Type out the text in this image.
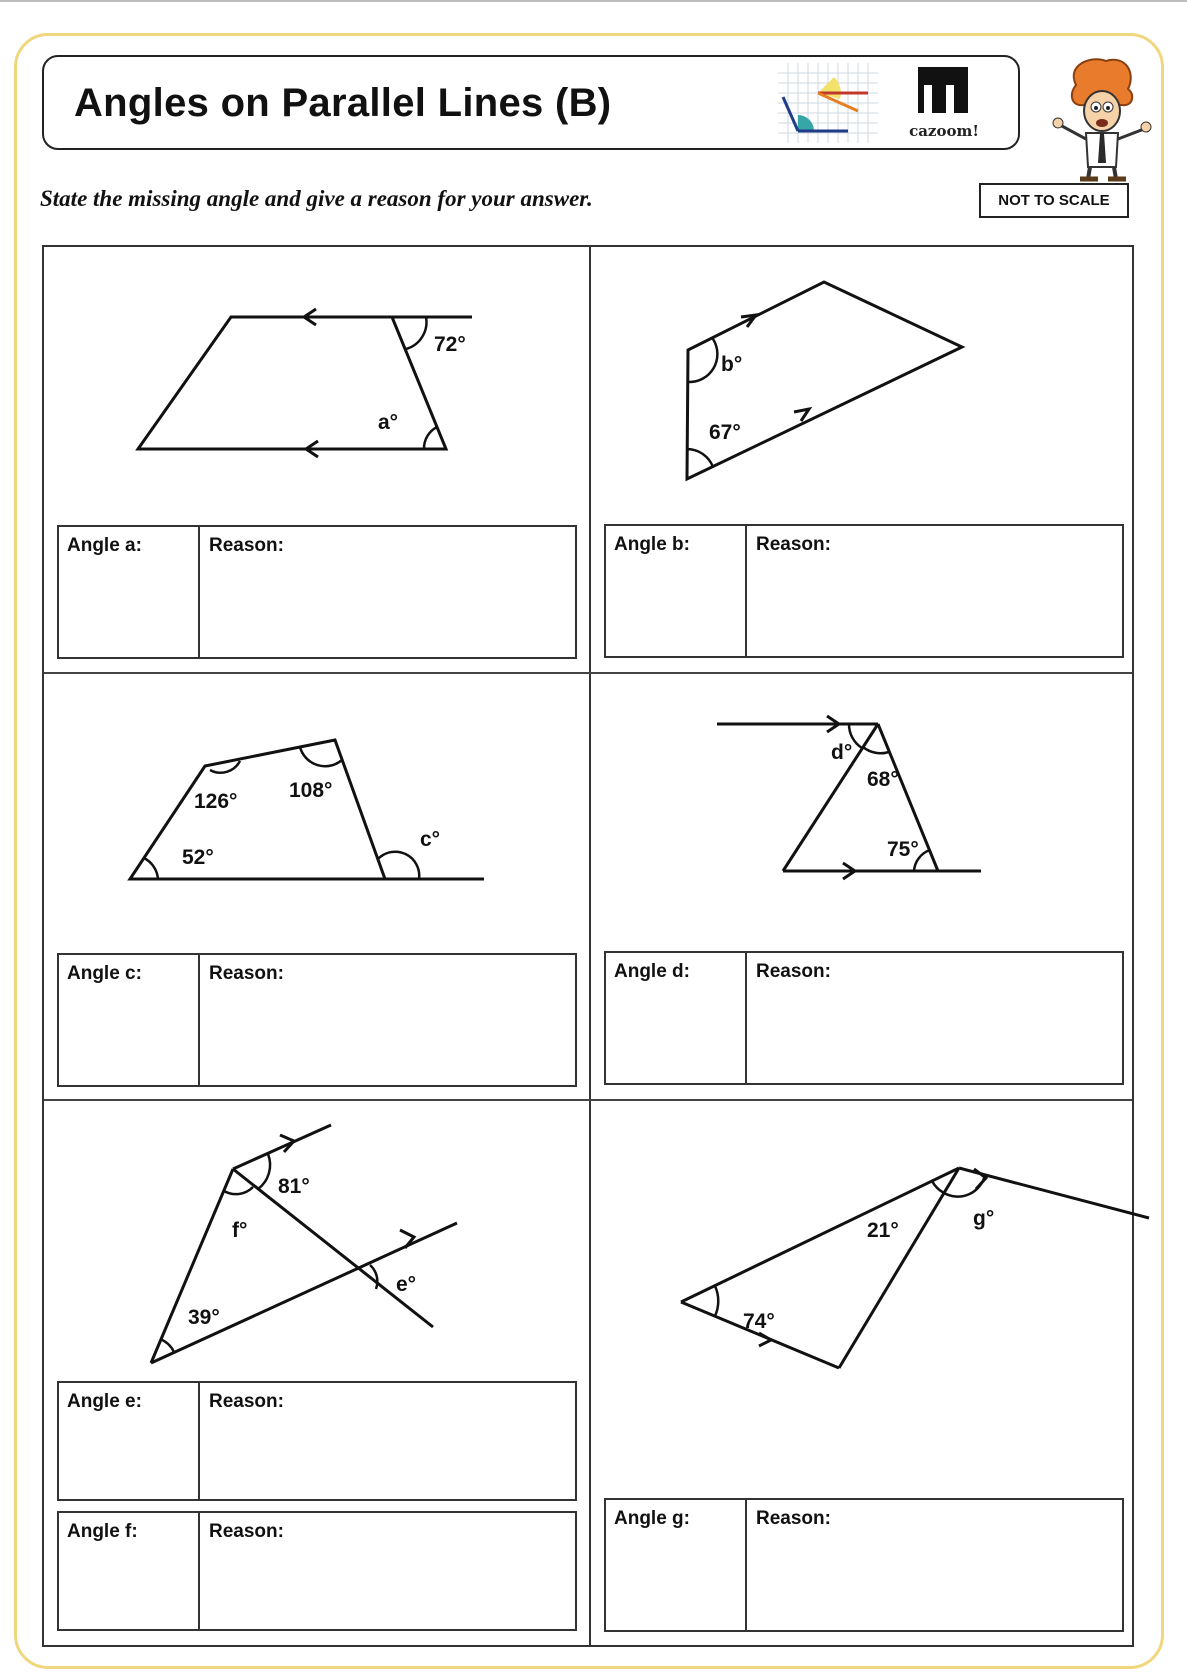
Angles on Parallel Lines (B)
cazoom!
State the missing angle and give a reason for your answer.	NOT TO SCALE
72°
a°
Angle a:	Reason:
b°
67°
Angle b:	Reason:
126° 108°
52°
c°
Angle c:	Reason:
d°
68°
75°
Angle d:	Reason:
81°
f°
e°
39°
Angle e:	Reason:
Angle f:	Reason:
21°
g°
74°
Angle g:	Reason:
